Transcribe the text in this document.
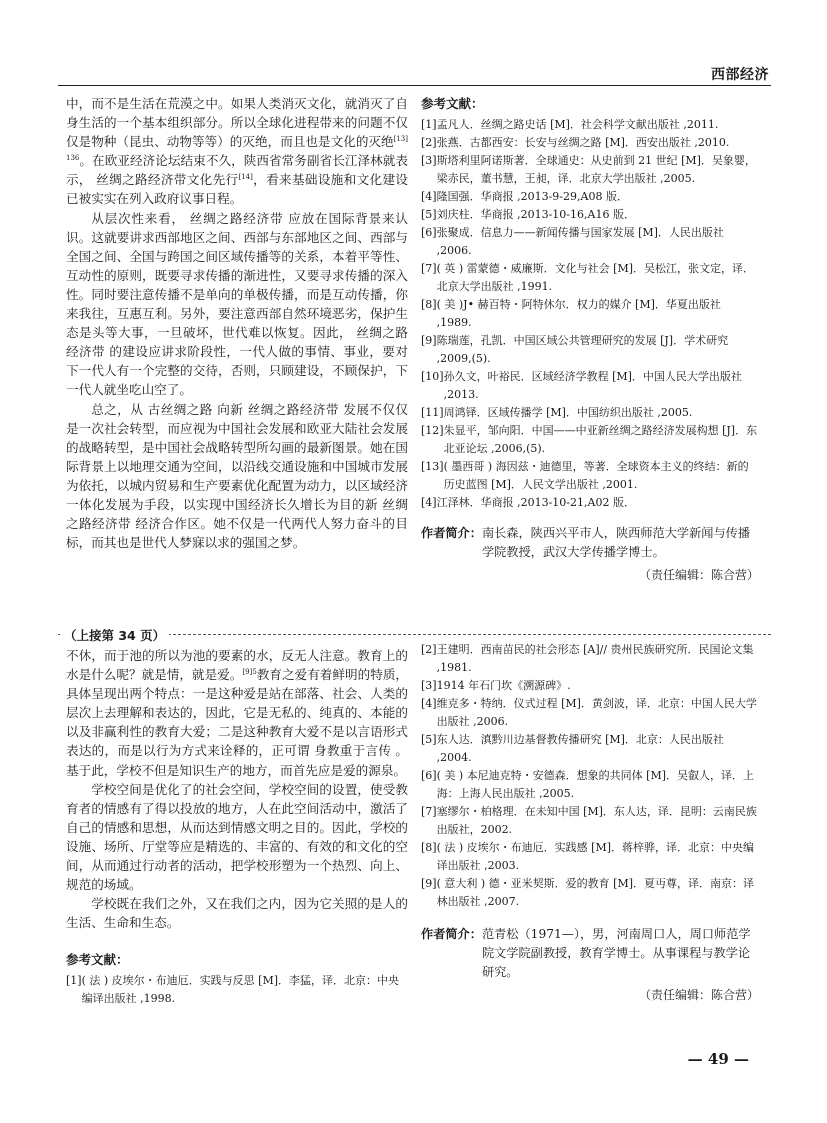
西部经济

中，而不是生活在荒漠之中。如果人类消灭文化，就消灭了自身生活的一个基本组织部分。所以全球化进程带来的问题不仅仅是物种（昆虫、动物等等）的灭绝，而且也是文化的灭绝$^{[13]136}$。在欧亚经济论坛结束不久，陕西省常务副省长江泽林就表示， 丝绸之路经济带文化先行[14]，看来基础设施和文化建设已被实实在列入政府议事日程。

从层次性来看， 丝绸之路经济带 应放在国际背景来认识。这就要讲求西部地区之间、西部与东部地区之间、西部与全国之间、全国与跨国之间区域传播等的关系，本着平等性、互动性的原则，既要寻求传播的渐进性，又要寻求传播的深入性。同时要注意传播不是单向的单极传播，而是互动传播，你来我往，互惠互利。另外，要注意西部自然环境恶劣，保护生态是头等大事，一旦破坏，世代难以恢复。因此， 丝绸之路经济带 的建设应讲求阶段性，一代人做的事情、事业，要对下一代人有一个完整的交待，否则，只顾建设，不顾保护，下一代人就坐吃山空了。

总之，从 古丝绸之路 向新 丝绸之路经济带 发展不仅仅是一次社会转型，而应视为中国社会发展和欧亚大陆社会发展的战略转型，是中国社会战略转型所勾画的最新图景。她在国际背景上以地理交通为空间，以沿线交通设施和中国城市发展为依托，以城内贸易和生产要素优化配置为动力，以区域经济一体化发展为手段，以实现中国经济长久增长为目的新 丝绸之路经济带 经济合作区。她不仅是一代两代人努力奋斗的目标，而其也是世代人梦寐以求的强国之梦。

参考文献：
[1] 孟凡人．丝绸之路史话 [M]．社会科学文献出版社 ,2011.
[2] 张燕．古都西安：长安与丝绸之路 [M]．西安出版社 ,2010.
[3] 斯塔利里阿诺斯著．全球通史：从史前到 21 世纪 [M]．吴象婴，梁赤民，董书慧，王昶，译．北京大学出版社 ,2005.
[4] 隆国强．华商报 ,2013-9-29,A08 版．
[5] 刘庆柱．华商报 ,2013-10-16,A16 版．
[6] 张聚成．信息力——新闻传播与国家发展 [M]．人民出版社 ,2006.
[7] ( 英 ) 雷蒙德・威廉斯．文化与社会 [M]．吴松江，张文定，译．北京大学出版社 ,1991.
[8] ( 美 )J• 赫百特・阿特休尔．权力的媒介 [M]．华夏出版社 ,1989.
[9] 陈瑞莲，孔凯．中国区域公共管理研究的发展 [J]．学术研究 ,2009,(5).
[10] 孙久文，叶裕民．区域经济学教程 [M]．中国人民大学出版社 ,2013.
[11] 周鸿铎．区域传播学 [M]．中国纺织出版社 ,2005.
[12] 朱显平，邹向阳．中国——中亚新丝绸之路经济发展构想 [J]．东北亚论坛 ,2006,(5).
[13] ( 墨西哥 ) 海因兹・迪德里，等著．全球资本主义的终结：新的历史蓝图 [M]．人民文学出版社 ,2001.
[4] 江泽林．华商报 ,2013-10-21,A02 版．
作者简介： 南长森，陕西兴平市人，陕西师范大学新闻与传播学院教授，武汉大学传播学博士。
（责任编辑：陈合营）
（上接第 34 页）

不休，而于池的所以为池的要素的水，反无人注意。教育上的水是什么呢？就是情，就是爱。$^{[9]5}$教育之爱有着鲜明的特质，具体呈现出两个特点：一是这种爱是站在部落、社会、人类的层次上去理解和表达的，因此，它是无私的、纯真的、本能的以及非赢利性的教育大爱；二是这种教育大爱不是以言语形式表达的，而是以行为方式来诠释的，正可谓 身教重于言传 。基于此，学校不但是知识生产的地方，而首先应是爱的源泉。

学校空间是优化了的社会空间，学校空间的设置，使受教育者的情感有了得以投放的地方，人在此空间活动中，激活了自己的情感和思想，从而达到情感文明之目的。因此，学校的设施、场所、厅堂等应是精选的、丰富的、有效的和文化的空间，从而通过行动者的活动，把学校形塑为一个热烈、向上、规范的场域。

学校既在我们之外，又在我们之内，因为它关照的是人的生活、生命和生态。

参考文献：
[1] ( 法 ) 皮埃尔・布迪厄．实践与反思 [M]．李猛，译．北京：中央编译出版社 ,1998.
[2] 王建明．西南苗民的社会形态 [A]// 贵州民族研究所．民国论文集 ,1981.
[3] 1914 年石门坎《溯源碑》.
[4] 维克多・特纳．仪式过程 [M]．黄剑波，译．北京：中国人民大学出版社 ,2006.
[5] 东人达．滇黔川边基督教传播研究 [M]．北京：人民出版社 ,2004.
[6] ( 美 ) 本尼迪克特・安德森．想象的共同体 [M]．吴叡人，译．上海：上海人民出版社 ,2005.
[7] 塞缪尔・柏格理．在未知中国 [M]．东人达，译．昆明：云南民族出版社，2002.
[8] ( 法 ) 皮埃尔・布迪厄．实践感 [M]．蒋梓骅，译．北京：中央编译出版社 ,2003.
[9] ( 意大利 ) 德・亚米契斯．爱的教育 [M]．夏丏尊，译．南京：译林出版社 ,2007.
作者简介： 范青松（1971—），男，河南周口人，周口师范学院文学院副教授，教育学博士。从事课程与教学论研究。
（责任编辑：陈合营）
— 49 —
